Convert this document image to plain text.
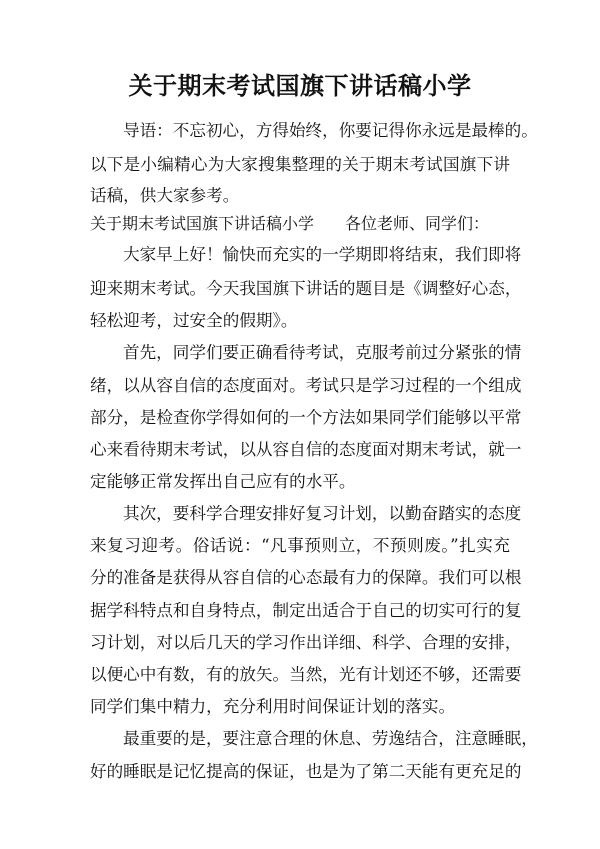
关于期末考试国旗下讲话稿小学
导语：不忘初心，方得始终，你要记得你永远是最棒的。
以下是小编精心为大家搜集整理的关于期末考试国旗下讲
话稿，供大家参考。
关于期末考试国旗下讲话稿小学 各位老师、同学们：
大家早上好！愉快而充实的一学期即将结束，我们即将
迎来期末考试。今天我国旗下讲话的题目是《调整好心态，
轻松迎考，过安全的假期》。
首先，同学们要正确看待考试，克服考前过分紧张的情
绪，以从容自信的态度面对。考试只是学习过程的一个组成
部分，是检查你学得如何的一个方法如果同学们能够以平常
心来看待期末考试，以从容自信的态度面对期末考试，就一
定能够正常发挥出自己应有的水平。
其次，要科学合理安排好复习计划，以勤奋踏实的态度
来复习迎考。俗话说：“凡事预则立，不预则废。”扎实充
分的准备是获得从容自信的心态最有力的保障。我们可以根
据学科特点和自身特点，制定出适合于自己的切实可行的复
习计划，对以后几天的学习作出详细、科学、合理的安排，
以便心中有数，有的放矢。当然，光有计划还不够，还需要
同学们集中精力，充分利用时间保证计划的落实。
最重要的是，要注意合理的休息、劳逸结合，注意睡眠，
好的睡眠是记忆提高的保证，也是为了第二天能有更充足的
